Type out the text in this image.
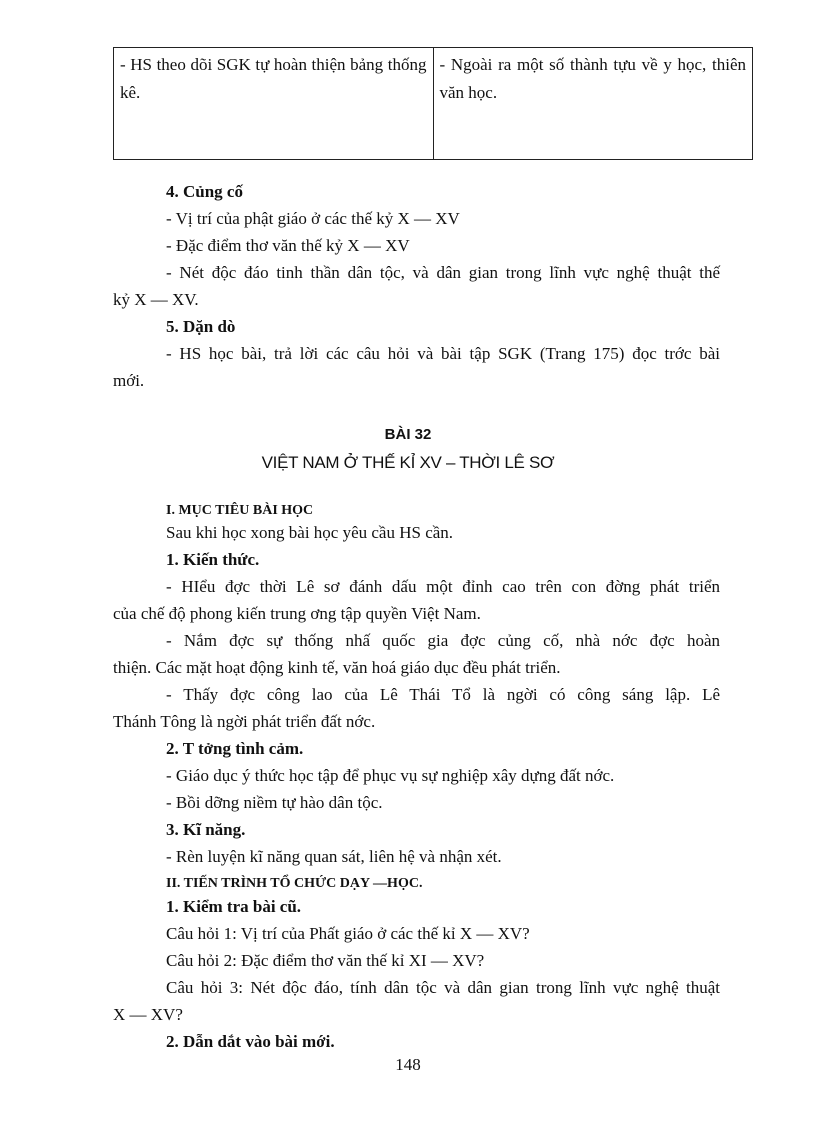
- HS theo dõi SGK tự hoàn thiện bảng thống kê.	- Ngoài ra một số thành tựu về y học, thiên văn học.
4. Củng cố
- Vị trí của phật giáo ở các thế kỷ X — XV
- Đặc điểm thơ văn thế kỷ X — XV
- Nét độc đáo tinh thần dân tộc, và dân gian trong lĩnh vực nghệ thuật thế
kỷ X — XV.
5. Dặn dò
- HS học bài, trả lời các câu hỏi và bài tập SGK (Trang 175) đọc trớc bài
mới.
BÀI 32
VIỆT NAM Ở THẾ KỈ XV – THỜI LÊ SƠ
I. MỤC TIÊU BÀI HỌC
Sau khi học xong bài học yêu cầu HS cần.
1. Kiến thức.
- HIểu đợc thời Lê sơ đánh dấu một đỉnh cao trên con đờng phát triển
của chế độ phong kiến trung ơng tập quyền Việt Nam.
- Nắm đợc sự thống nhấ quốc gia đợc củng cố, nhà nớc đợc hoàn
thiện. Các mặt hoạt động kinh tế, văn hoá giáo dục đều phát triển.
- Thấy đợc công lao của Lê Thái Tổ là ngời có công sáng lập. Lê
Thánh Tông là ngời phát triển đất nớc.
2. T tởng tình cảm.
- Giáo dục ý thức học tập để phục vụ sự nghiệp xây dựng đất nớc.
- Bồi dỡng niềm tự hào dân tộc.
3. Kĩ năng.
- Rèn luyện kĩ năng quan sát, liên hệ và nhận xét.
II. TIẾN TRÌNH TỔ CHỨC DẠY —HỌC.
1. Kiểm tra bài cũ.
Câu hỏi 1: Vị trí của Phất giáo ở các thế kỉ X — XV?
Câu hỏi 2: Đặc điểm thơ văn thế kỉ XI — XV?
Câu hỏi 3: Nét độc đáo, tính dân tộc và dân gian trong lĩnh vực nghệ thuật
X — XV?
2. Dẫn dắt vào bài mới.
148
